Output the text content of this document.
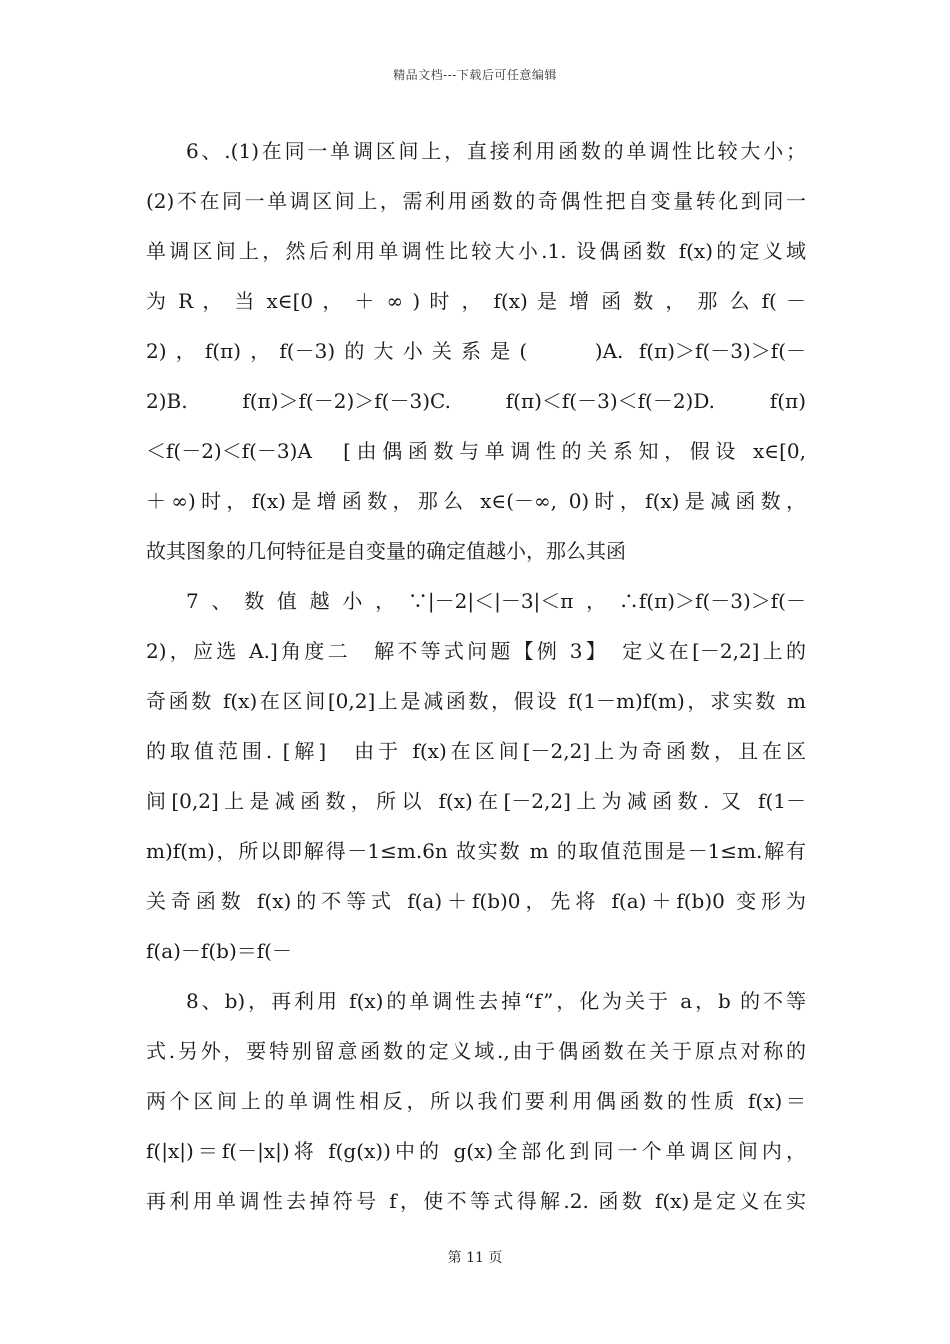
精品文档---下载后可任意编辑
6、.(1)在同一单调区间上，直接利用函数的单调性比较大小；
(2)不在同一单调区间上，需利用函数的奇偶性把自变量转化到同一
单调区间上，然后利用单调性比较大小.1. 设偶函数 f(x)的定义域
为 R ， 当 x∈[0 ， ＋ ∞ ) 时 ， f(x) 是 增 函 数 ， 那 么 f( －
2)，f(π)，f(－3)的大小关系是(　　)A. f(π)＞f(－3)＞f(－
2)B. f(π)＞f(－2)＞f(－3)C. f(π)＜f(－3)＜f(－2)D. f(π)
＜f(－2)＜f(－3)A　[由偶函数与单调性的关系知，假设 x∈[0,
＋∞)时，f(x)是增函数，那么 x∈(－∞, 0)时，f(x)是减函数，
故其图象的几何特征是自变量的确定值越小，那么其函
7、数值越小，∵|－2|＜|－3|＜π，∴f(π)＞f(－3)＞f(－
2)，应选 A.]角度二　解不等式问题【例 3】　定义在[－2,2]上的
奇函数 f(x)在区间[0,2]上是减函数，假设 f(1－m)f(m)，求实数 m
的取值范围. [解]　由于 f(x)在区间[－2,2]上为奇函数，且在区
间[0,2]上是减函数，所以 f(x)在[－2,2]上为减函数. 又 f(1－
m)f(m)，所以即解得－1≤m.6n 故实数 m 的取值范围是－1≤m.解有
关奇函数 f(x)的不等式 f(a)＋f(b)0，先将 f(a)＋f(b)0 变形为
f(a)－f(b)＝f(－
8、b)，再利用 f(x)的单调性去掉“f”，化为关于 a，b 的不等
式.另外，要特别留意函数的定义域.,由于偶函数在关于原点对称的
两个区间上的单调性相反，所以我们要利用偶函数的性质 f(x)＝
f(|x|)＝f(－|x|)将 f(g(x))中的 g(x)全部化到同一个单调区间内，
再利用单调性去掉符号 f，使不等式得解.2. 函数 f(x)是定义在实
第 11 页
